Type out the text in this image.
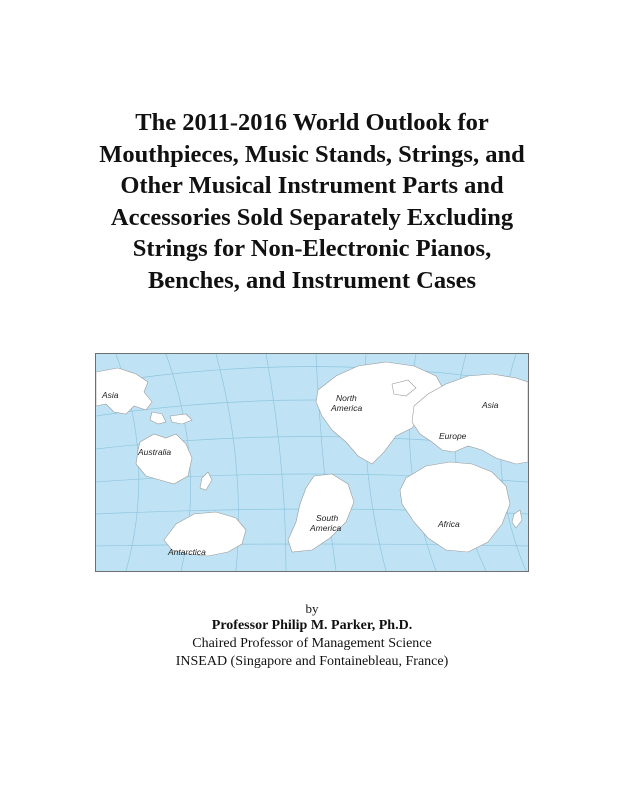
The 2011-2016 World Outlook for
Mouthpieces, Music Stands, Strings, and
Other Musical Instrument Parts and
Accessories Sold Separately Excluding
Strings for Non-Electronic Pianos,
Benches, and Instrument Cases
Asia
Australia
Antarctica
North
America
South
America
Europe
Asia
Africa

by

Professor Philip M. Parker, Ph.D.

Chaired Professor of Management Science

INSEAD (Singapore and Fontainebleau, France)
